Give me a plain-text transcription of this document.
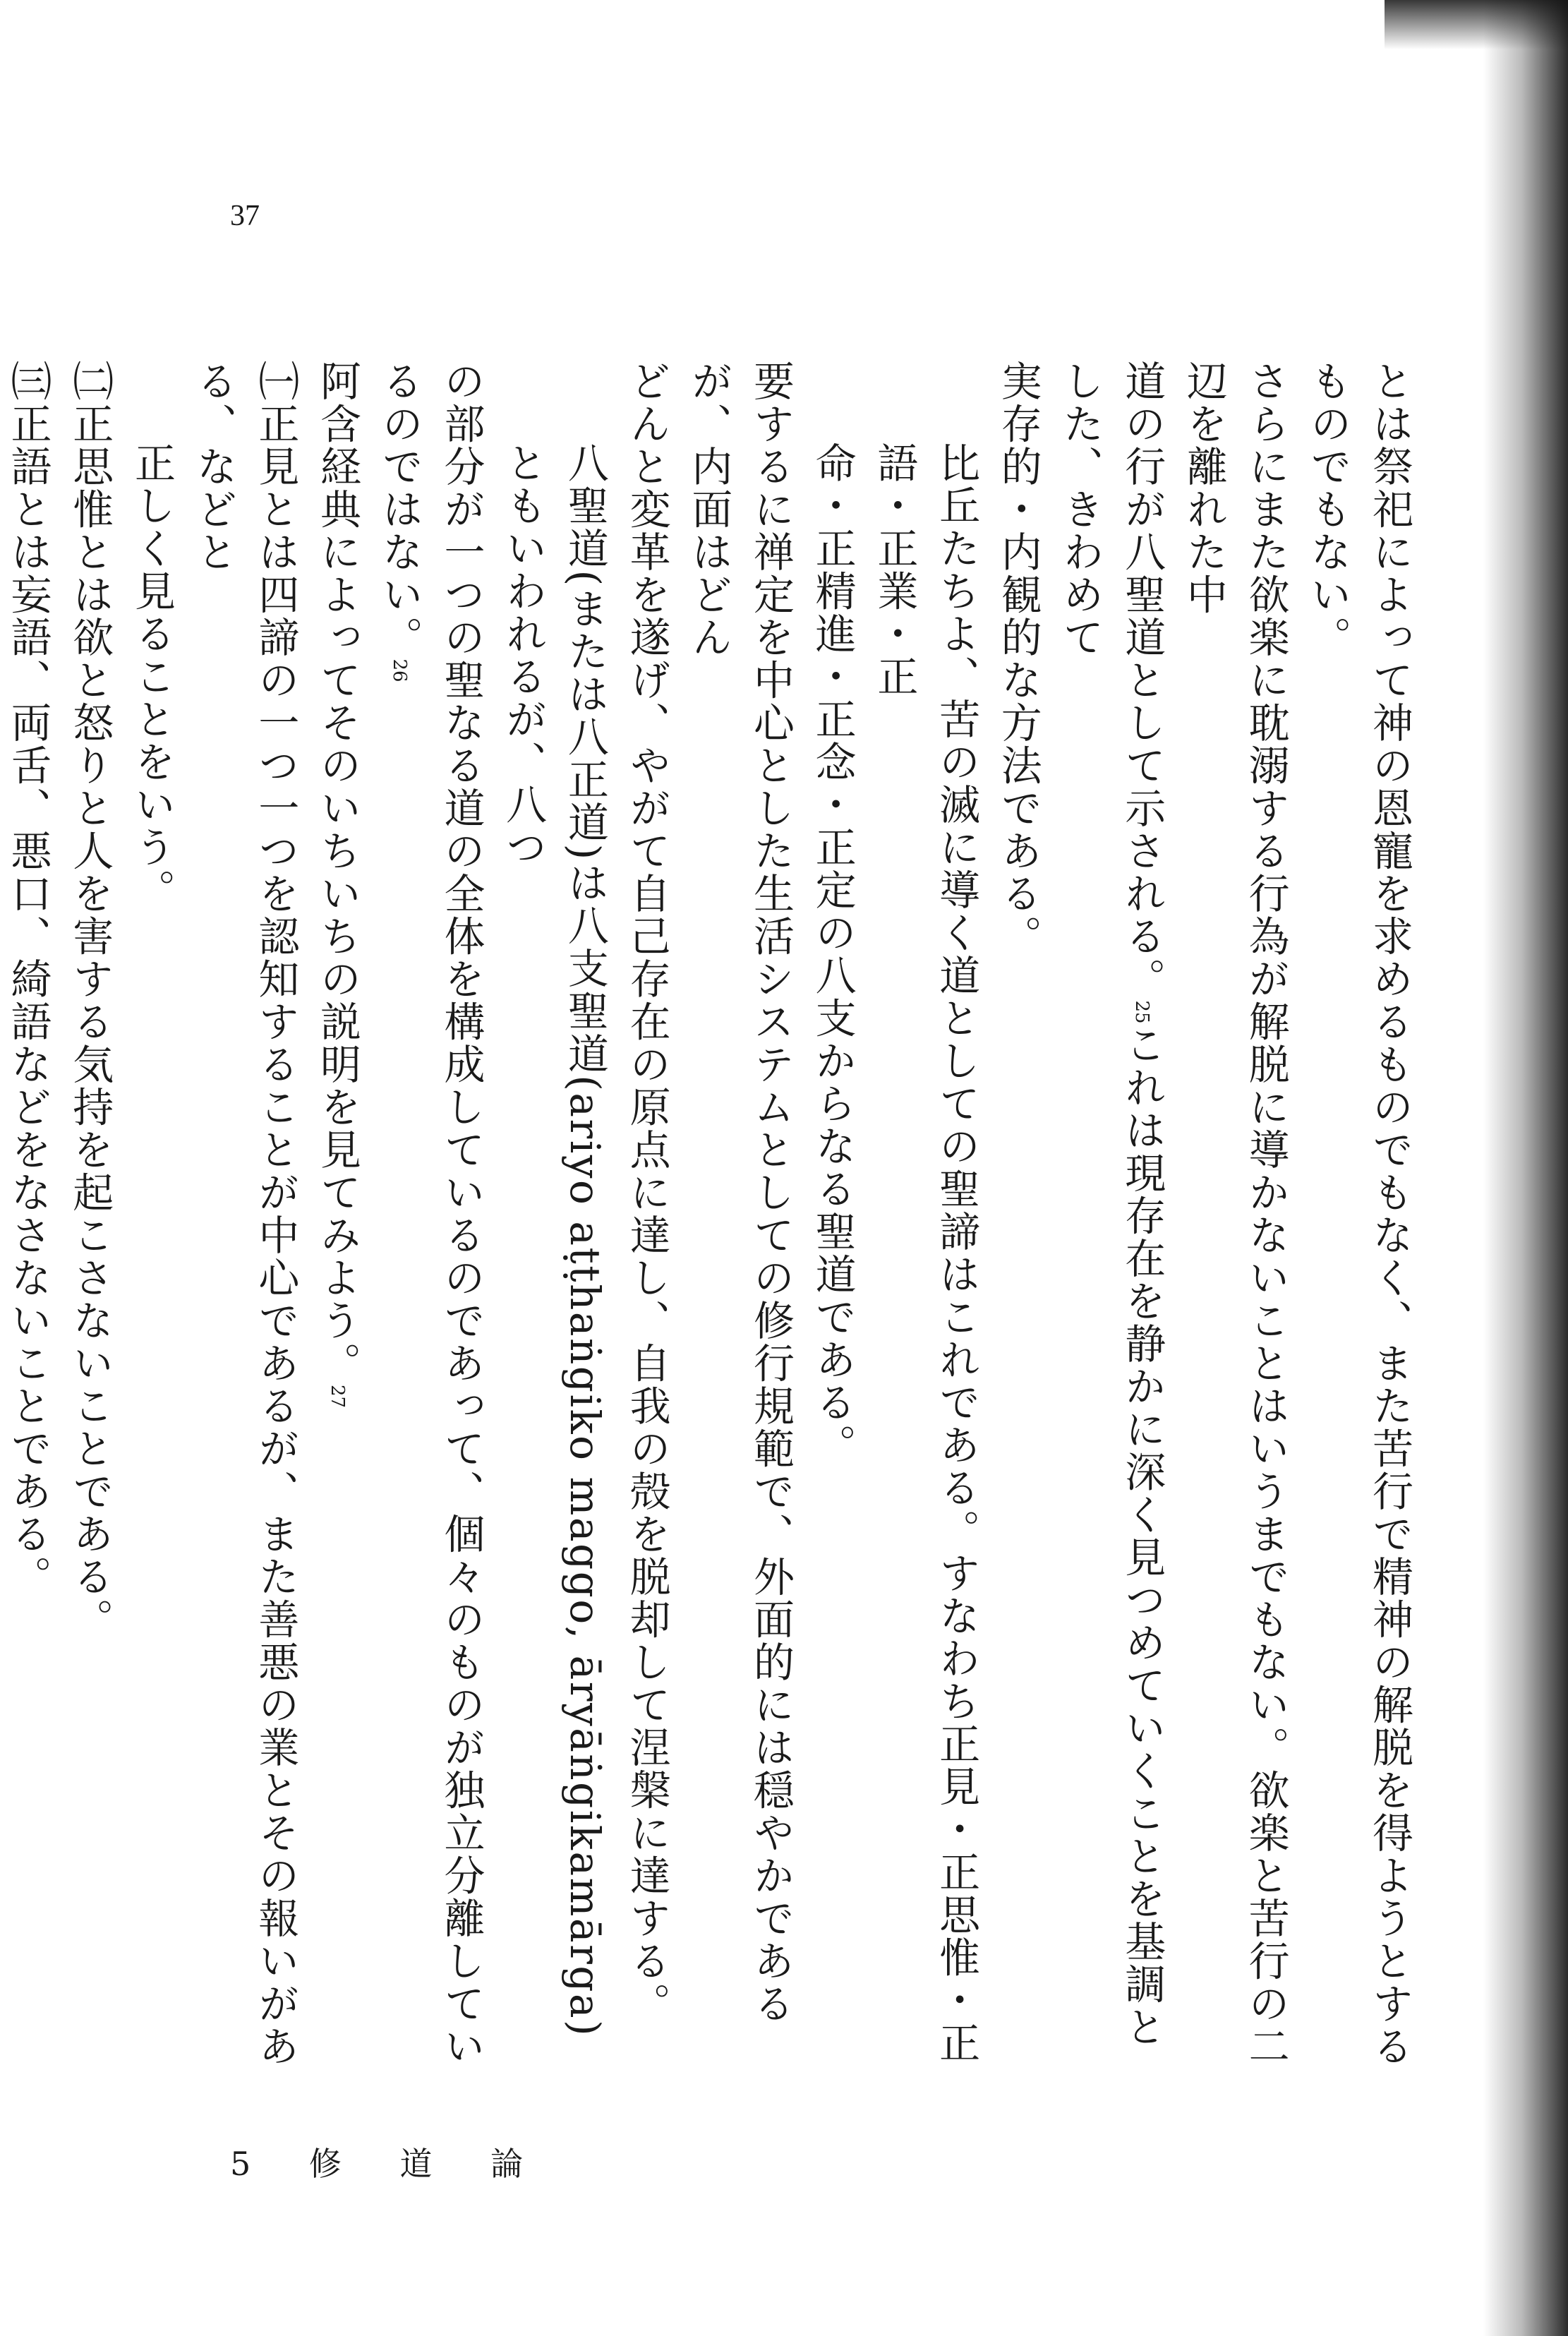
37

とは祭祀によって神の恩寵を求めるものでもなく、また苦行で精神の解脱を得ようとするものでもない。

さらにまた欲楽に耽溺する行為が解脱に導かないことはいうまでもない。欲楽と苦行の二辺を離れた中

道の行が八聖道として示される。25これは現存在を静かに深く見つめていくことを基調とした、きわめて

実存的・内観的な方法である。

比丘たちよ、苦の滅に導く道としての聖諦はこれである。すなわち正見・正思惟・正語・正業・正

命・正精進・正念・正定の八支からなる聖道である。

要するに禅定を中心とした生活システムとしての修行規範で、外面的には穏やかであるが、内面はどん

どんと変革を遂げ、やがて自己存在の原点に達し、自我の殻を脱却して涅槃に達する。

八聖道(または八正道)は八支聖道(ariyo aṭṭhaṅgiko maggo, āryāṅgikamārga)ともいわれるが、八つ

の部分が一つの聖なる道の全体を構成しているのであって、個々のものが独立分離しているのではない。26

阿含経典によってそのいちいちの説明を見てみよう。27

㈠正見とは四諦の一つ一つを認知することが中心であるが、また善悪の業とその報いがある、などと

正しく見ることをいう。

㈡正思惟とは欲と怒りと人を害する気持を起こさないことである。

㈢正語とは妄語、両舌、悪口、綺語などをなさないことである。

5 修 道 論
